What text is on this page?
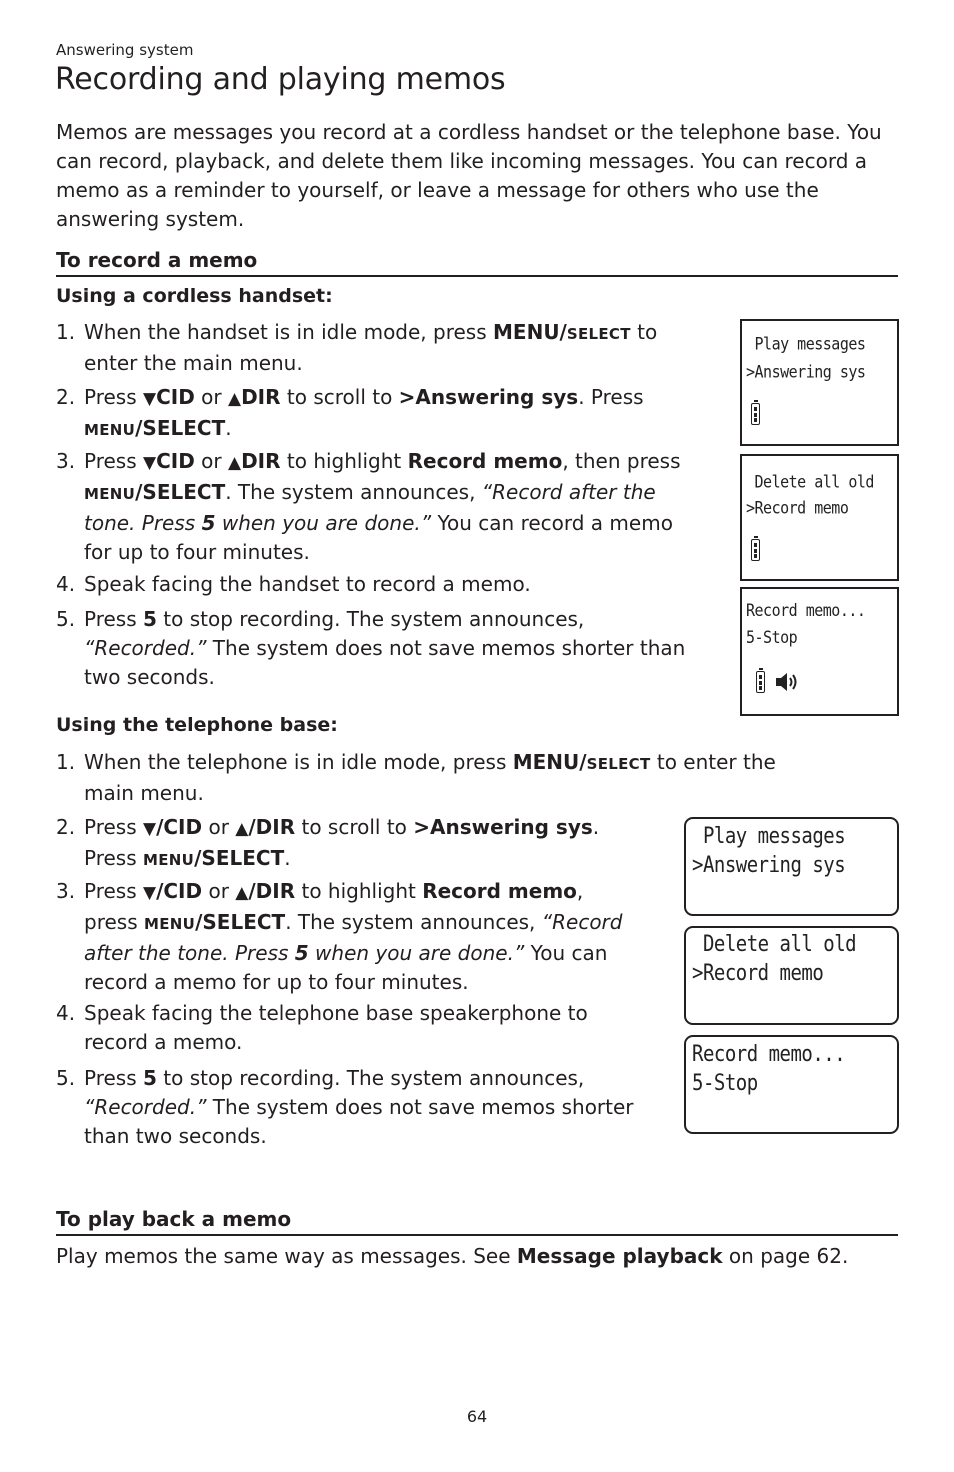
Answering system
Recording and playing memos

Memos are messages you record at a cordless handset or the telephone base. You can record, playback, and delete them like incoming messages. You can record a memo as a reminder to yourself, or leave a message for others who use the answering system.

To record a memo
Using a cordless handset:
1. When the handset is in idle mode, press MENU/SELECT to
enter the main menu.
2. Press ▼CID or ▲DIR to scroll to >Answering sys. Press
MENU/SELECT.
3. Press ▼CID or ▲DIR to highlight Record memo, then press
MENU/SELECT. The system announces, “Record after the
tone. Press 5 when you are done.” You can record a memo
for up to four minutes.
4. Speak facing the handset to record a memo.
5. Press 5 to stop recording. The system announces,
“Recorded.” The system does not save memos shorter than
two seconds.
Play messages
>Answering sys
Delete all old
>Record memo
Record memo...
5-Stop
Using the telephone base:
1. When the telephone is in idle mode, press MENU/SELECT to enter the
main menu.
2. Press ▼/CID or ▲/DIR to scroll to >Answering sys.
Press MENU/SELECT.
3. Press ▼/CID or ▲/DIR to highlight Record memo,
press MENU/SELECT. The system announces, “Record
after the tone. Press 5 when you are done.” You can
record a memo for up to four minutes.
4. Speak facing the telephone base speakerphone to
record a memo.
5. Press 5 to stop recording. The system announces,
“Recorded.” The system does not save memos shorter
than two seconds.
Play messages
>Answering sys
Delete all old
>Record memo
Record memo...
5-Stop
To play back a memo
Play memos the same way as messages. See Message playback on page 62.
64
